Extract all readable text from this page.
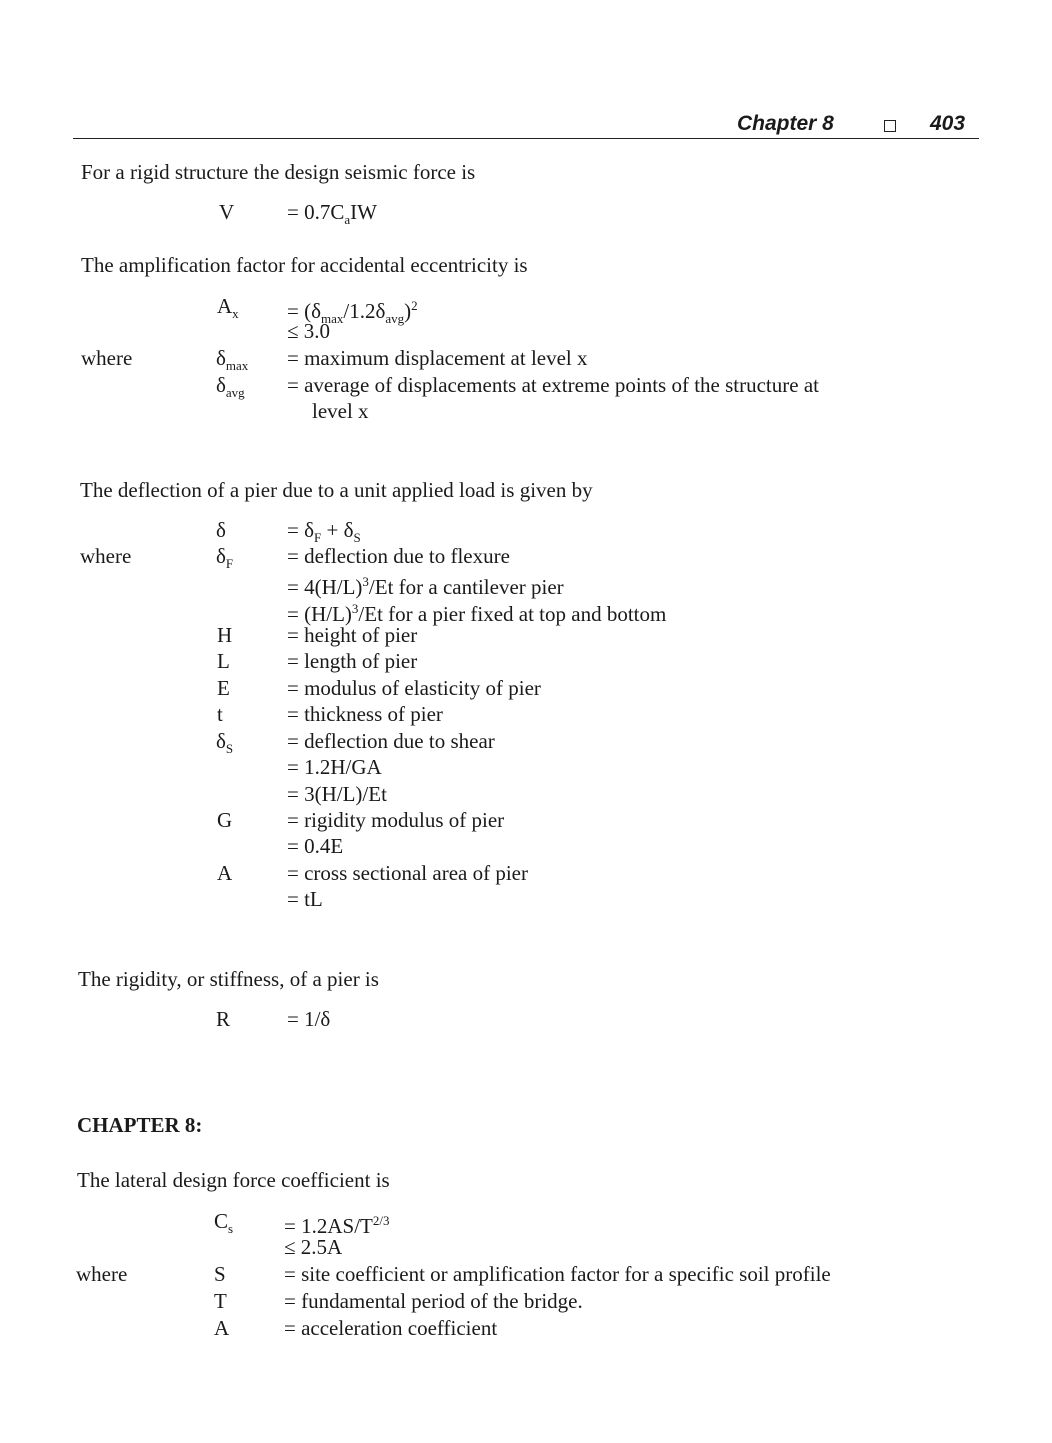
Chapter 8	403
For a rigid structure the design seismic force is
V	= $0.7C_aIW$
The amplification factor for accidental eccentricity is
$A_x = (\delta_{max}/1.2\delta_{avg})^2$
≤ 3.0
where	$\delta_{max}$ = maximum displacement at level x
$\delta_{avg}$ = average of displacements at extreme points of the structure at
level x
The deflection of a pier due to a unit applied load is given by
δ	= $\delta_F + \delta_S$
where	$\delta_F$	= deflection due to flexure
= $4(H/L)^3/Et$ for a cantilever pier
= $(H/L)^3/Et$ for a pier fixed at top and bottom
H	= height of pier
L	= length of pier
E	= modulus of elasticity of pier
t	= thickness of pier
$\delta_S$	= deflection due to shear
= 1.2H/GA
= 3(H/L)/Et
G	= rigidity modulus of pier
= 0.4E
A	= cross sectional area of pier
= tL
The rigidity, or stiffness, of a pier is
R	= 1/δ
CHAPTER 8:
The lateral design force coefficient is
$C_s = 1.2AS/T^{2/3}$
≤ 2.5A
where	S	= site coefficient or amplification factor for a specific soil profile
T	= fundamental period of the bridge.
A	= acceleration coefficient
